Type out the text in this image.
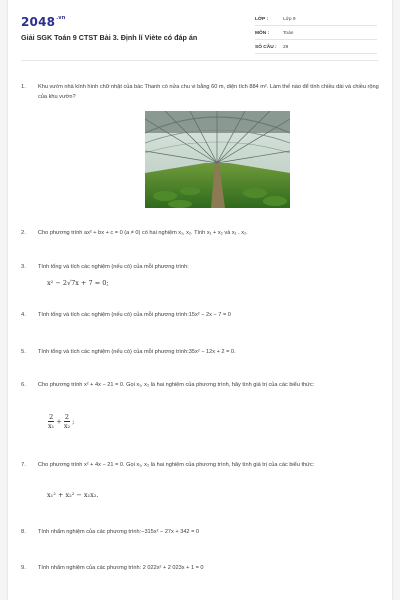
$2048^{.vn}$
Giải SGK Toán 9 CTST Bài 3. Định lí Viète có đáp án
LỚP :	Lớp 9
MÔN :	Toán
SỐ CÂU : 29
1. Khu vườn nhà kính hình chữ nhật của bác Thanh có nửa chu vi bằng 60 m, diện tích 884 m². Làm thế nào để tính chiều dài và chiều rộng của khu vườn?
2. Cho phương trình ax² + bx + c = 0 (a ≠ 0) có hai nghiệm x₁, x₂. Tính x₁ + x₂ và x₁ . x₂.
3. Tính tổng và tích các nghiệm (nếu có) của mỗi phương trình:
x² − 2√7x + 7 = 0;
4. Tính tổng và tích các nghiệm (nếu có) của mỗi phương trình:15x² − 2x − 7 = 0
5. Tính tổng và tích các nghiệm (nếu có) của mỗi phương trình:35x² − 12x + 2 = 0.
6. Cho phương trình x² + 4x − 21 = 0. Gọi x₁, x₂ là hai nghiệm của phương trình, hãy tính giá trị của các biểu thức:
$\frac{2}{\text{x₁}} + \frac{2}{\text{x₂}}$ ;
7. Cho phương trình x² + 4x − 21 = 0. Gọi x₁, x₂ là hai nghiệm của phương trình, hãy tính giá trị của các biểu thức:
x₁² + x₂² − x₁x₂.
8. Tính nhẩm nghiệm của các phương trình:−315x² − 27x + 342 = 0
9. Tính nhẩm nghiệm của các phương trình: 2 022x² + 2 023x + 1 = 0
